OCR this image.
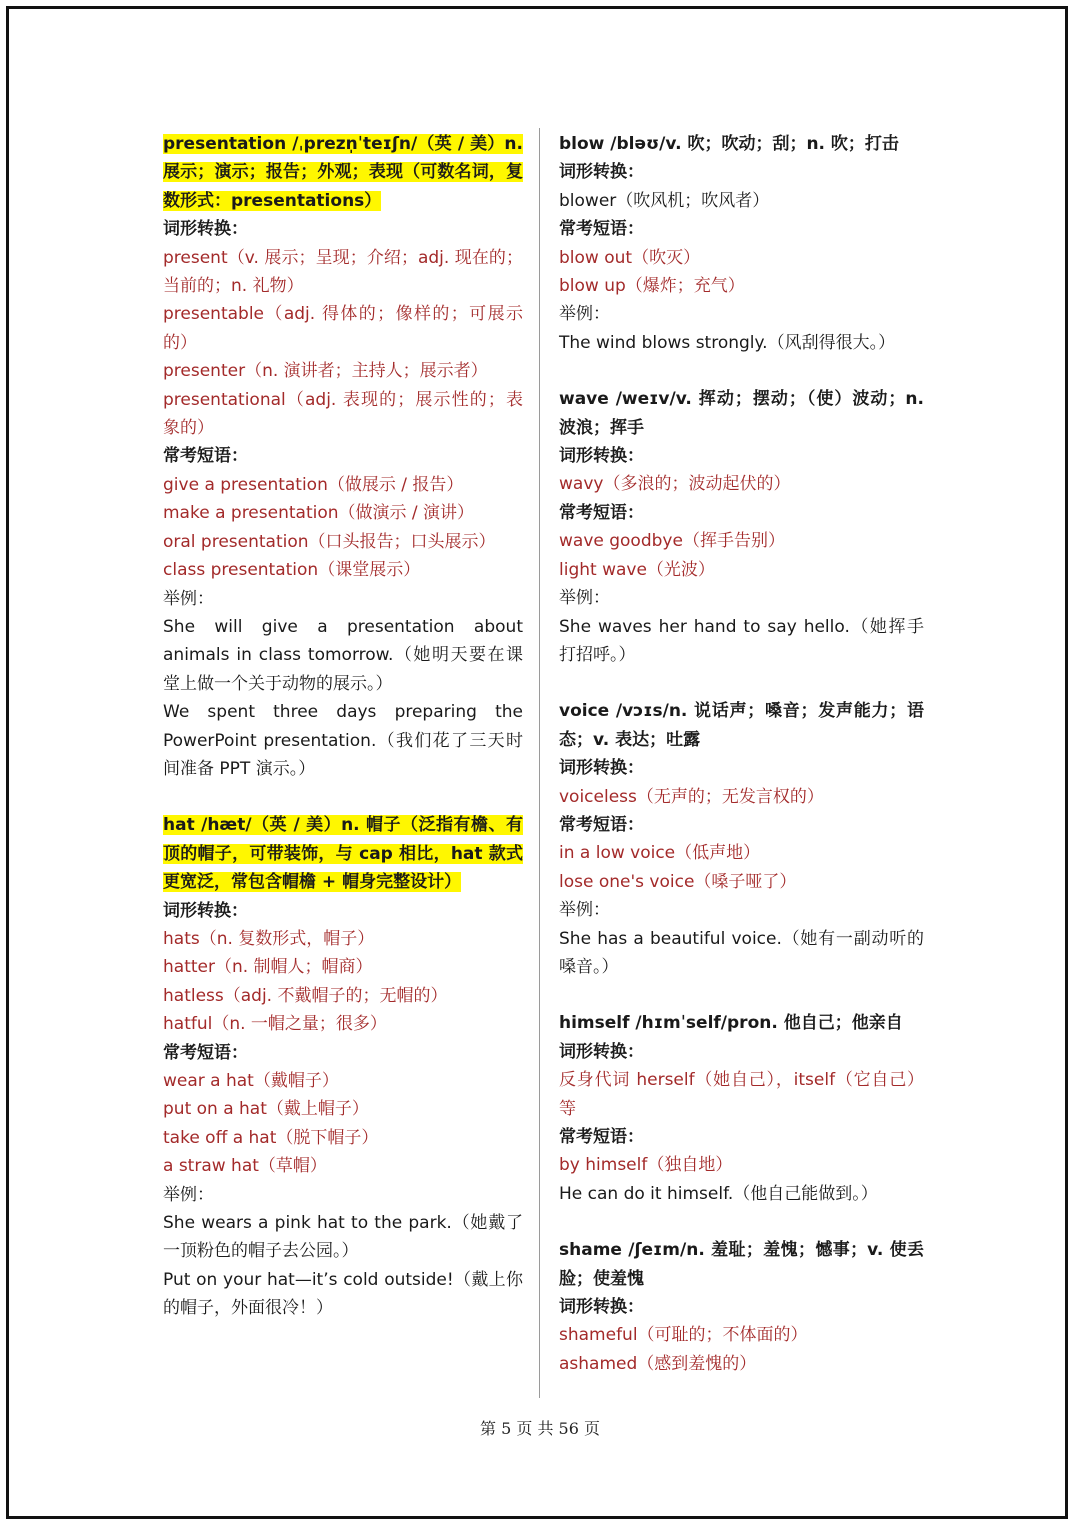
presentation /ˌprezn̩ˈteɪʃn/（英 / 美）n. 展示；演示；报告；外观；表现（可数名词，复数形式：presentations）
词形转换：
present（v. 展示；呈现；介绍；adj. 现在的；当前的；n. 礼物）
presentable（adj. 得体的；像样的；可展示的）
presenter（n. 演讲者；主持人；展示者）
presentational（adj. 表现的；展示性的；表象的）
常考短语：
give a presentation（做展示 / 报告）
make a presentation（做演示 / 演讲）
oral presentation（口头报告；口头展示）
class presentation（课堂展示）
举例：
She will give a presentation about animals in class tomorrow.（她明天要在课堂上做一个关于动物的展示。）
We spent three days preparing the PowerPoint presentation.（我们花了三天时间准备 PPT 演示。）
hat /hæt/（英 / 美）n. 帽子（泛指有檐、有顶的帽子，可带装饰，与 cap 相比，hat 款式更宽泛，常包含帽檐 + 帽身完整设计）
词形转换：
hats（n. 复数形式，帽子）
hatter（n. 制帽人；帽商）
hatless（adj. 不戴帽子的；无帽的）
hatful（n. 一帽之量；很多）
常考短语：
wear a hat（戴帽子）
put on a hat（戴上帽子）
take off a hat（脱下帽子）
a straw hat（草帽）
举例：
She wears a pink hat to the park.（她戴了一顶粉色的帽子去公园。）
Put on your hat—it’s cold outside!（戴上你的帽子，外面很冷！）
blow /bləʊ/v. 吹；吹动；刮；n. 吹；打击
词形转换：
blower（吹风机；吹风者）
常考短语：
blow out（吹灭）
blow up（爆炸；充气）
举例：
The wind blows strongly.（风刮得很大。）
wave /weɪv/v. 挥动；摆动；（使）波动；n. 波浪；挥手
词形转换：
wavy（多浪的；波动起伏的）
常考短语：
wave goodbye（挥手告别）
light wave（光波）
举例：
She waves her hand to say hello.（她挥手打招呼。）
voice /vɔɪs/n. 说话声；嗓音；发声能力；语态；v. 表达；吐露
词形转换：
voiceless（无声的；无发言权的）
常考短语：
in a low voice（低声地）
lose one's voice（嗓子哑了）
举例：
She has a beautiful voice.（她有一副动听的嗓音。）
himself /hɪmˈself/pron. 他自己；他亲自
词形转换：
反身代词 herself（她自己），itself（它自己）等
常考短语：
by himself（独自地）
He can do it himself.（他自己能做到。）
shame /ʃeɪm/n. 羞耻；羞愧；憾事；v. 使丢脸；使羞愧
词形转换：
shameful（可耻的；不体面的）
ashamed（感到羞愧的）
第 5 页 共 56 页
